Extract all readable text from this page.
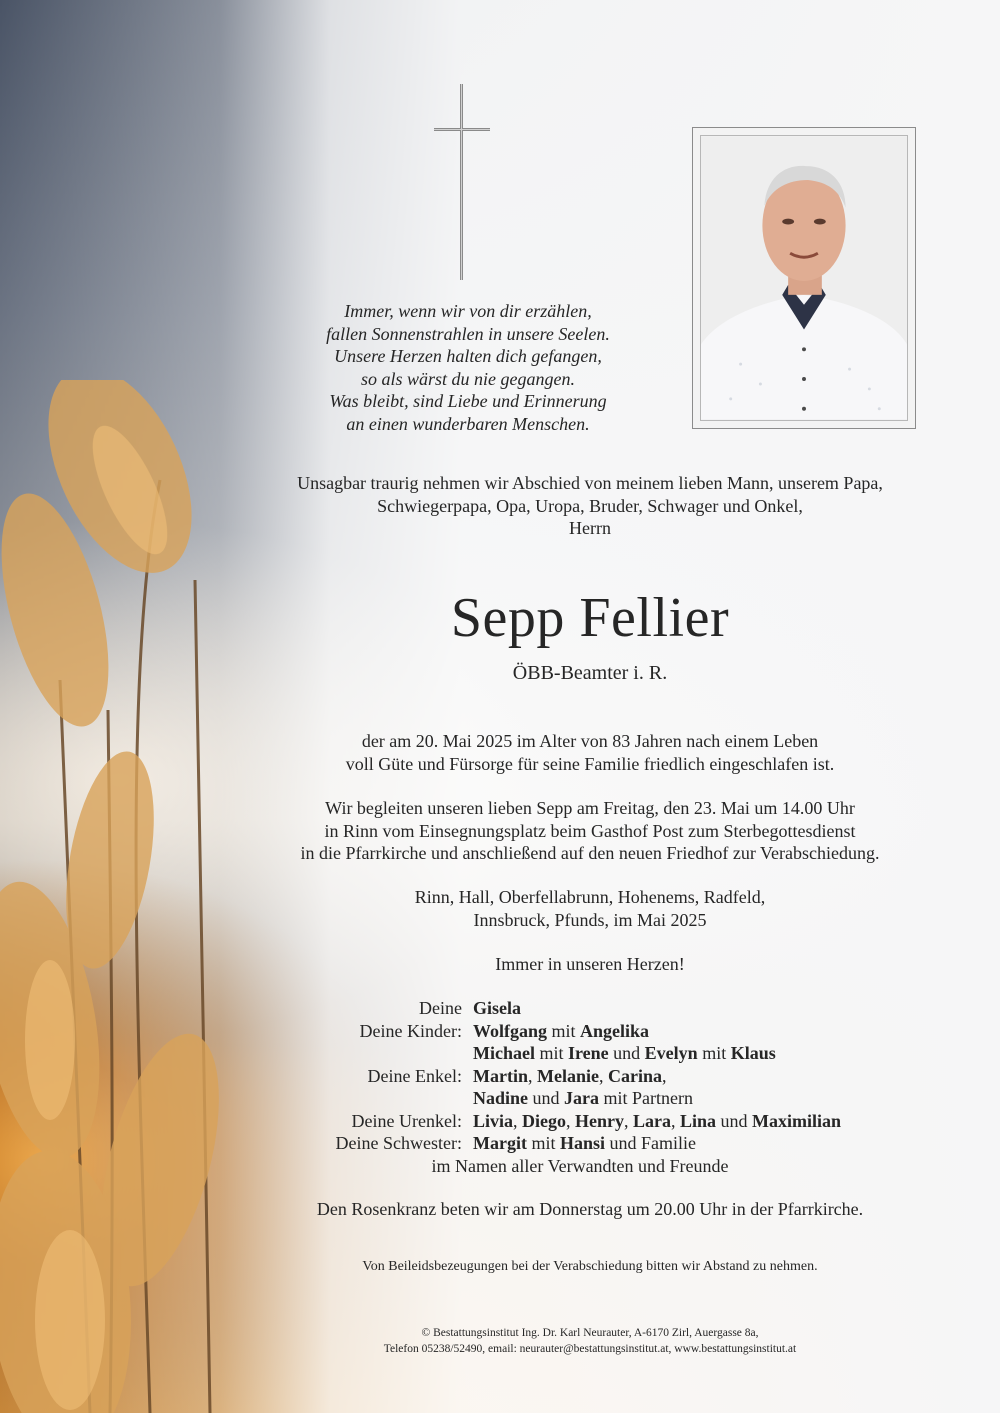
Immer, wenn wir von dir erzählen,
fallen Sonnenstrahlen in unsere Seelen.
Unsere Herzen halten dich gefangen,
so als wärst du nie gegangen.
Was bleibt, sind Liebe und Erinnerung
an einen wunderbaren Menschen.
Unsagbar traurig nehmen wir Abschied von meinem lieben Mann, unserem Papa,
Schwiegerpapa, Opa, Uropa, Bruder, Schwager und Onkel,
Herrn
Sepp Fellier
ÖBB-Beamter i. R.
der am 20. Mai 2025 im Alter von 83 Jahren nach einem Leben
voll Güte und Fürsorge für seine Familie friedlich eingeschlafen ist.
Wir begleiten unseren lieben Sepp am Freitag, den 23. Mai um 14.00 Uhr
in Rinn vom Einsegnungsplatz beim Gasthof Post zum Sterbegottesdienst
in die Pfarrkirche und anschließend auf den neuen Friedhof zur Verabschiedung.
Rinn, Hall, Oberfellabrunn, Hohenems, Radfeld,
Innsbruck, Pfunds, im Mai 2025
Immer in unseren Herzen!
Deine Gisela
Deine Kinder: Wolfgang mit Angelika
Michael mit Irene und Evelyn mit Klaus
Deine Enkel: Martin, Melanie, Carina,
Nadine und Jara mit Partnern
Deine Urenkel: Livia, Diego, Henry, Lara, Lina und Maximilian
Deine Schwester: Margit mit Hansi und Familie
im Namen aller Verwandten und Freunde
Den Rosenkranz beten wir am Donnerstag um 20.00 Uhr in der Pfarrkirche.
Von Beileidsbezeugungen bei der Verabschiedung bitten wir Abstand zu nehmen.
© Bestattungsinstitut Ing. Dr. Karl Neurauter, A-6170 Zirl, Auergasse 8a,
Telefon 05238/52490, email: neurauter@bestattungsinstitut.at, www.bestattungsinstitut.at
